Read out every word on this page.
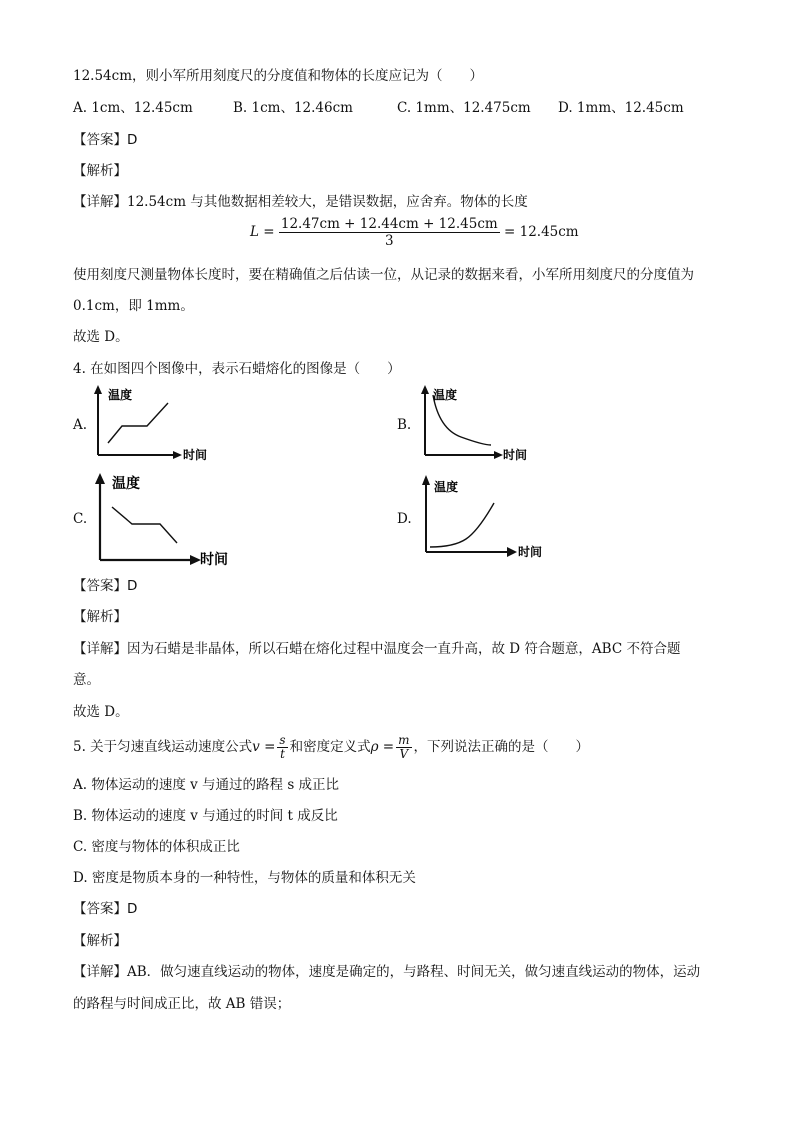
12.54cm，则小军所用刻度尺的分度值和物体的长度应记为（　　）
A. 1cm、12.45cm	B. 1cm、12.46cm	C. 1mm、12.475cm D. 1mm、12.45cm
【答案】D
【解析】
【详解】12.54cm 与其他数据相差较大，是错误数据，应舍弃。物体的长度
$L = \frac{12.47cm + 12.44cm + 12.45cm}{3} = 12.45cm$
使用刻度尺测量物体长度时，要在精确值之后估读一位，从记录的数据来看，小军所用刻度尺的分度值为
0.1cm，即 1mm。
故选 D。
4. 在如图四个图像中，表示石蜡熔化的图像是（　　）
A.
温度
时间
B.
温度
时间
C.
温度
时间
D.
温度
时间
【答案】D
【解析】
【详解】因为石蜡是非晶体，所以石蜡在熔化过程中温度会一直升高，故 D 符合题意，ABC 不符合题
意。
故选 D。
5. 关于匀速直线运动速度公式$v = \frac{s}{t}$ 和密度定义式$\rho = \frac{m}{V}$ ，下列说法正确的是（　　）
A. 物体运动的速度 v 与通过的路程 s 成正比
B. 物体运动的速度 v 与通过的时间 t 成反比
C. 密度与物体的体积成正比
D. 密度是物质本身的一种特性，与物体的质量和体积无关
【答案】D
【解析】
【详解】AB．做匀速直线运动的物体，速度是确定的，与路程、时间无关，做匀速直线运动的物体，运动
的路程与时间成正比，故 AB 错误；
